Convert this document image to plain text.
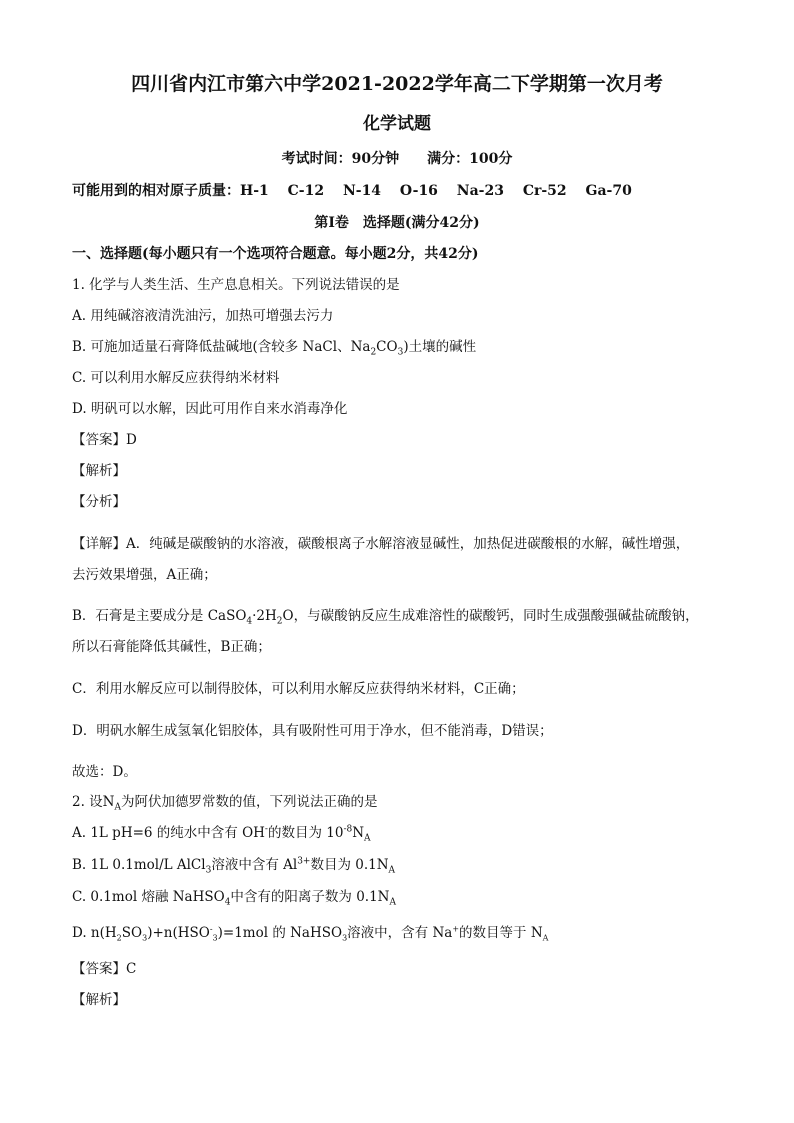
四川省内江市第六中学2021-2022学年高二下学期第一次月考
化学试题
考试时间：90分钟　　满分：100分
可能用到的相对原子质量：H-1　 C-12　 N-14　 O-16　 Na-23　 Cr-52　 Ga-70
第I卷　选择题(满分42分)
一、选择题(每小题只有一个选项符合题意。每小题2分，共42分)
1. 化学与人类生活、生产息息相关。下列说法错误的是
A. 用纯碱溶液清洗油污，加热可增强去污力
B. 可施加适量石膏降低盐碱地(含较多 NaCl、$Na_2CO_3$)土壤的碱性
C. 可以利用水解反应获得纳米材料
D. 明矾可以水解，因此可用作自来水消毒净化
【答案】D
【解析】
【分析】
【详解】A．纯碱是碳酸钠的水溶液，碳酸根离子水解溶液显碱性，加热促进碳酸根的水解，碱性增强，
去污效果增强，A正确；
B．石膏是主要成分是 $CaSO_4\cdot 2H_2O$，与碳酸钠反应生成难溶性的碳酸钙，同时生成强酸强碱盐硫酸钠，
所以石膏能降低其碱性，B正确；
C．利用水解反应可以制得胶体，可以利用水解反应获得纳米材料，C正确；
D．明矾水解生成氢氧化铝胶体，具有吸附性可用于净水，但不能消毒，D错误；
故选：D。
2. 设$N_A$为阿伏加德罗常数的值，下列说法正确的是
A. 1L pH=6 的纯水中含有 OH-的数目为 $10^{-8}N_A$
B. 1L 0.1mol/L AlCl$_3$溶液中含有 $Al^{3+}$数目为 $0.1N_A$
C. 0.1mol 熔融 NaHSO$_4$中含有的阳离子数为 $0.1N_A$
D. $n(H_2SO_3)+n(HSO^-_3)=1mol$ 的 NaHSO$_3$溶液中，含有 Na+的数目等于 $N_A$
【答案】C
【解析】
